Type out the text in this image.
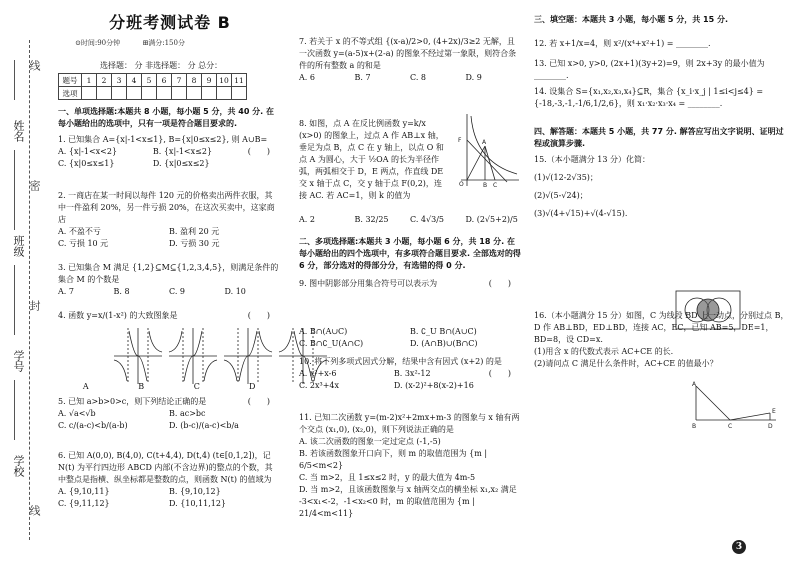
姓名
班级
学号
学校
线
密
封
线
分班考测试卷 B
⊙时间:90分钟	⊞满分:150分
选择题： 分 非选择题： 分 总分：
题号	1	2	3	4	5	6	7	8	9	10	11
选项											
一、单项选择题:本题共 8 小题，每小题 5 分，共 40 分. 在每小题给出的选项中，只有一项是符合题目要求的.
1. 已知集合 A={x|-1<x≤1}, B={x|0≤x≤2}, 则 A∪B=
(　　)
A. {x|-1<x<2}	B. {x|-1<x≤2}
C. {x|0≤x≤1}	D. {x|0≤x≤2}
2. 一商店在某一时间以每件 120 元的价格卖出两件衣服，其中一件盈利 20%，另一件亏损 20%，在这次买卖中，这家商店
A. 不盈不亏	B. 盈利 20 元
C. 亏损 10 元	D. 亏损 30 元
3. 已知集合 M 满足 {1,2}⊆M⊆{1,2,3,4,5}，则满足条件的集合 M 的个数是
A. 7	B. 8	C. 9	D. 10
4. 函数 y=x/(1-x²) 的大致图象是	(　　)
A	B	C	D
5. 已知 a>b>0>c，则下列结论正确的是	(　　)
A. √a<√b	B. ac>bc
C. c/(a-c)<b/(a-b)	D. (b-c)/(a-c)<b/a
6. 已知 A(0,0), B(4,0), C(t+4,4), D(t,4) (t∈[0,1,2])，记 N(t) 为平行四边形 ABCD 内部(不含边界)的整点的个数，其中整点是指横、纵坐标都是整数的点，则函数 N(t) 的值域为
A. {9,10,11}	B. {9,10,12}
C. {9,11,12}	D. {10,11,12}
7. 若关于 x 的不等式组 {(x-a)/2>0, (4+2x)/3≥2 无解，且一次函数 y=(a-5)x+(2-a) 的图象不经过第一象限，则符合条件的所有整数 a 的和是
A. 6	B. 7	C. 8	D. 9
8. 如图，点 A 在反比例函数 y=k/x (x>0) 的图象上，过点 A 作 AB⊥x 轴，垂足为点 B，点 C 在 y 轴上，以点 O 和点 A 为圆心，大于 ½OA 的长为半径作弧，两弧相交于 D，E 两点，作直线 DE 交 x 轴于点 C，交 y 轴于点 F(0,2)，连接 AC. 若 AC=1，则 k 的值为
A
F
O	B C
A. 2	B. 32/25	C. 4√3/5	D. (2√5+2)/5
二、多项选择题:本题共 3 小题，每小题 6 分，共 18 分. 在每小题给出的四个选项中，有多项符合题目要求. 全部选对的得 6 分，部分选对的得部分分，有选错的得 0 分.
9. 图中阴影部分用集合符号可以表示为	(　　)
A. B∩(A∪C)	B. ∁_U B∩(A∪C)
C. B∩∁_U(A∩C)	D. (A∩B)∪(B∩C)
10. 将下列多项式因式分解，结果中含有因式 (x+2) 的是
(　　)
A. x²+x-6	B. 3x²-12
C. 2x³+4x	D. (x-2)²+8(x-2)+16
11. 已知二次函数 y=(m-2)x²+2mx+m-3 的图象与 x 轴有两个交点 (x₁,0), (x₂,0)，则下列说法正确的是
A. 该二次函数的图象一定过定点 (-1,-5)
B. 若该函数图象开口向下，则 m 的取值范围为 {m | 6/5<m<2}
C. 当 m>2，且 1≤x≤2 时，y 的最大值为 4m-5
D. 当 m>2，且该函数图象与 x 轴两交点的横坐标 x₁,x₂ 满足 -3<x₁<-2，-1<x₂<0 时，m 的取值范围为 {m | 21/4<m<11}
三、填空题：本题共 3 小题，每小题 5 分，共 15 分.
12. 若 x+1/x=4，则 x²/(x⁴+x²+1) = ________.
13. 已知 x>0, y>0, (2x+1)(3y+2)=9，则 2x+3y 的最小值为 ________.
14. 设集合 S={x₁,x₂,x₃,x₄}⊆R，集合 {x_i·x_j | 1≤i<j≤4} = {-18,-3,-1,-1/6,1/2,6}，则 x₁·x₂·x₃·x₄ = ________.
四、解答题：本题共 5 小题，共 77 分. 解答应写出文字说明、证明过程或演算步骤.
15.（本小题满分 13 分）化简：
(1)√(12-2√35)；
(2)√(5-√24)；
(3)√(4+√15)+√(4-√15).
16.（本小题满分 15 分）如图，C 为线段 BD 上一动点，分别过点 B，D 作 AB⊥BD，ED⊥BD，连接 AC，EC，已知 AB=5，DE=1，BD=8，设 CD=x.
(1)用含 x 的代数式表示 AC+CE 的长.
(2)请问点 C 满足什么条件时，AC+CE 的值最小？
A
B	C	D
E
3
